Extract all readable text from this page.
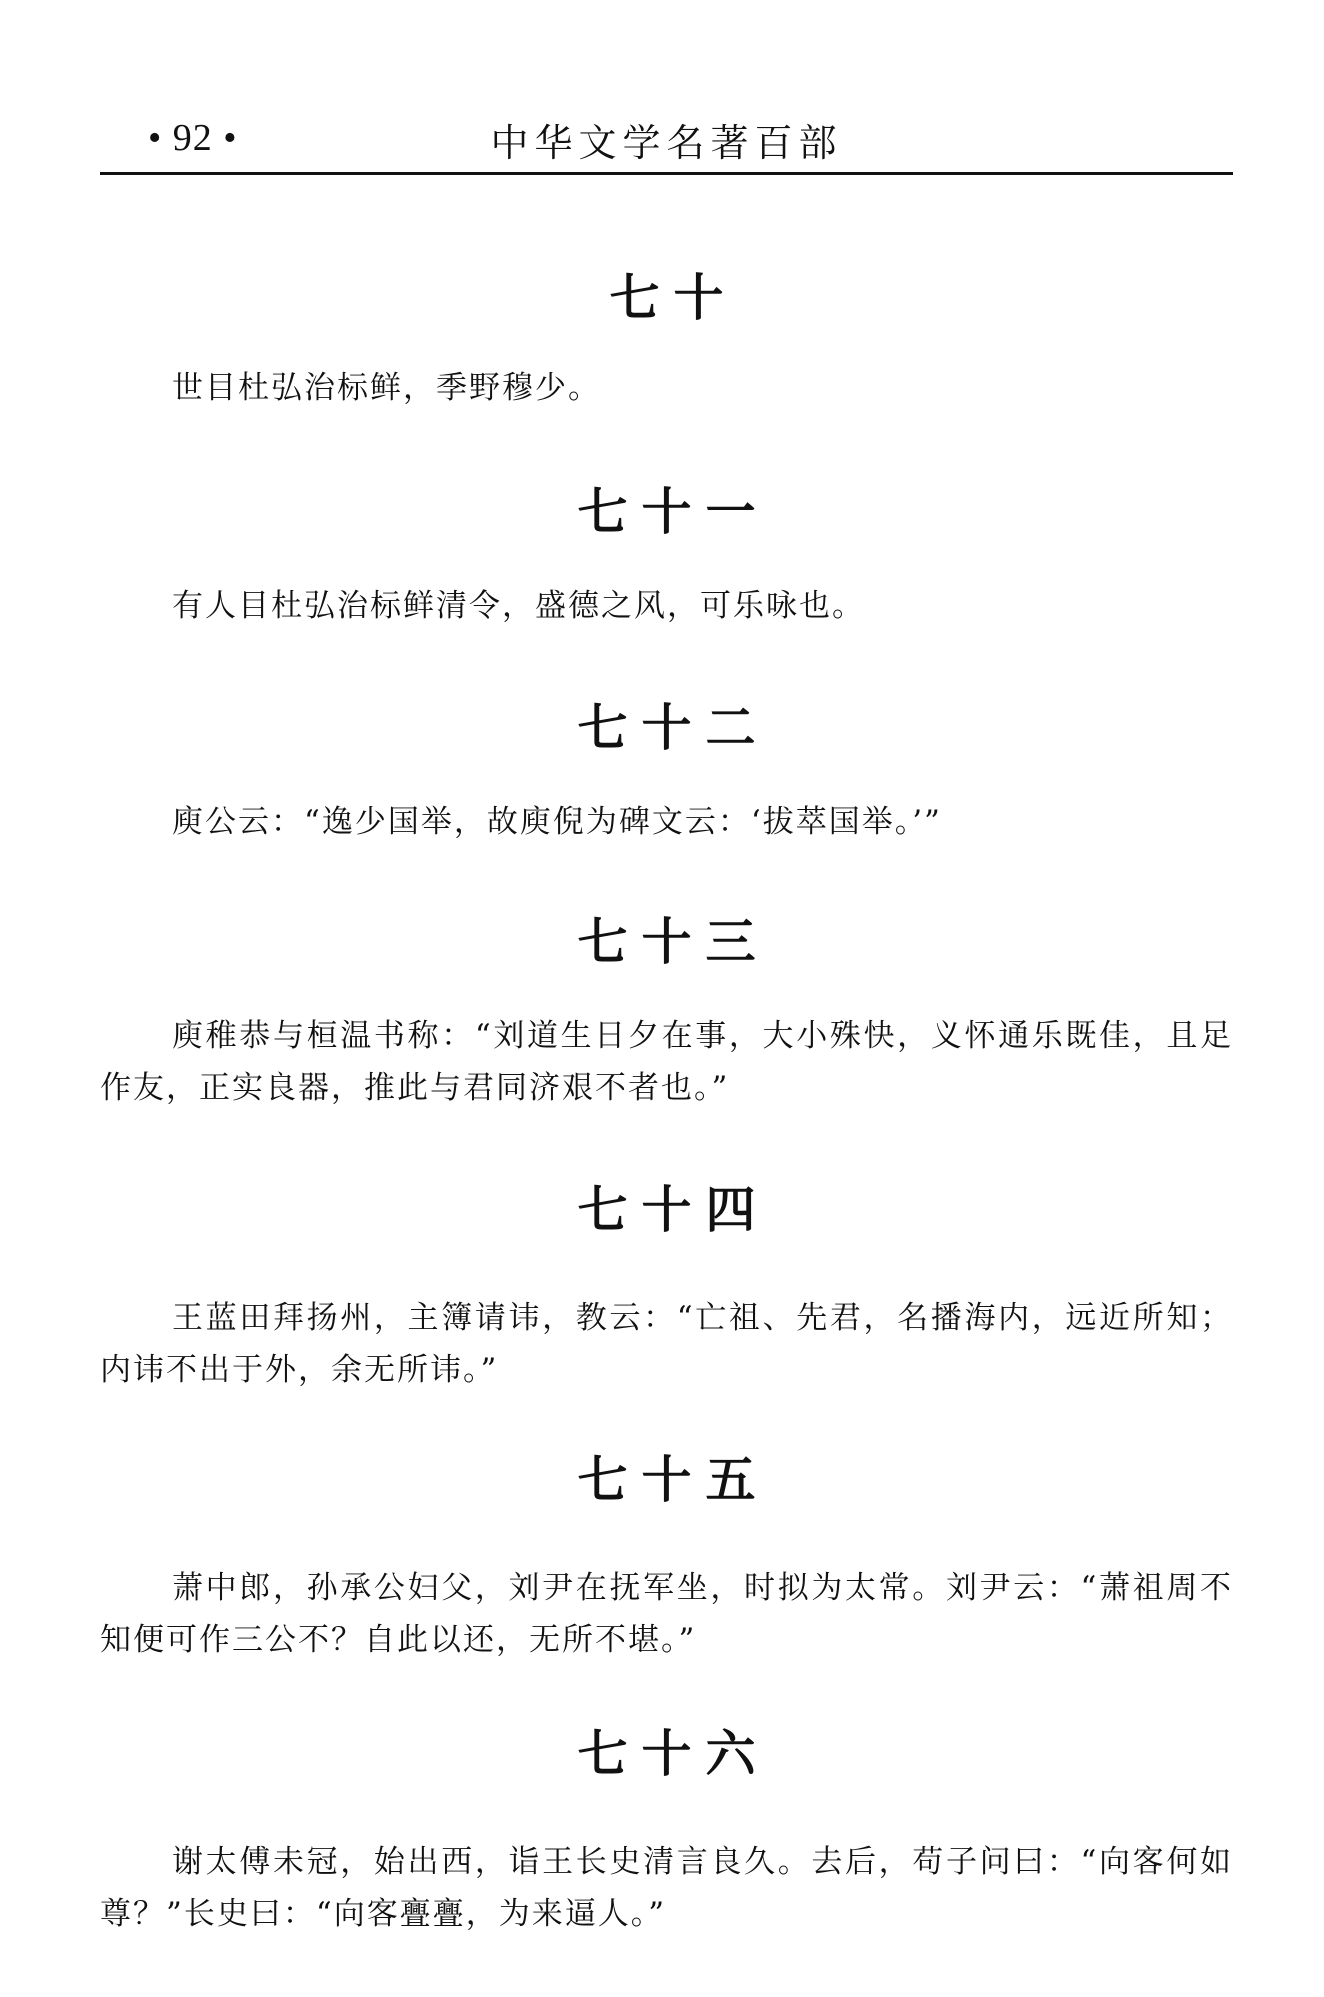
• 92 •	中华文学名著百部
七十

世目杜弘治标鲜，季野穆少。

七十一

有人目杜弘治标鲜清令，盛德之风，可乐咏也。

七十二

庾公云：“逸少国举，故庾倪为碑文云：‘拔萃国举。’”

七十三

庾稚恭与桓温书称：“刘道生日夕在事，大小殊快，义怀通乐既佳，且足作友，正实良器，推此与君同济艰不者也。”

七十四

王蓝田拜扬州，主簿请讳，教云：“亡祖、先君，名播海内，远近所知；内讳不出于外，余无所讳。”

七十五

萧中郎，孙承公妇父，刘尹在抚军坐，时拟为太常。刘尹云：“萧祖周不知便可作三公不？自此以还，无所不堪。”

七十六

谢太傅未冠，始出西，诣王长史清言良久。去后，苟子问曰：“向客何如尊？”长史曰：“向客亹亹，为来逼人。”
